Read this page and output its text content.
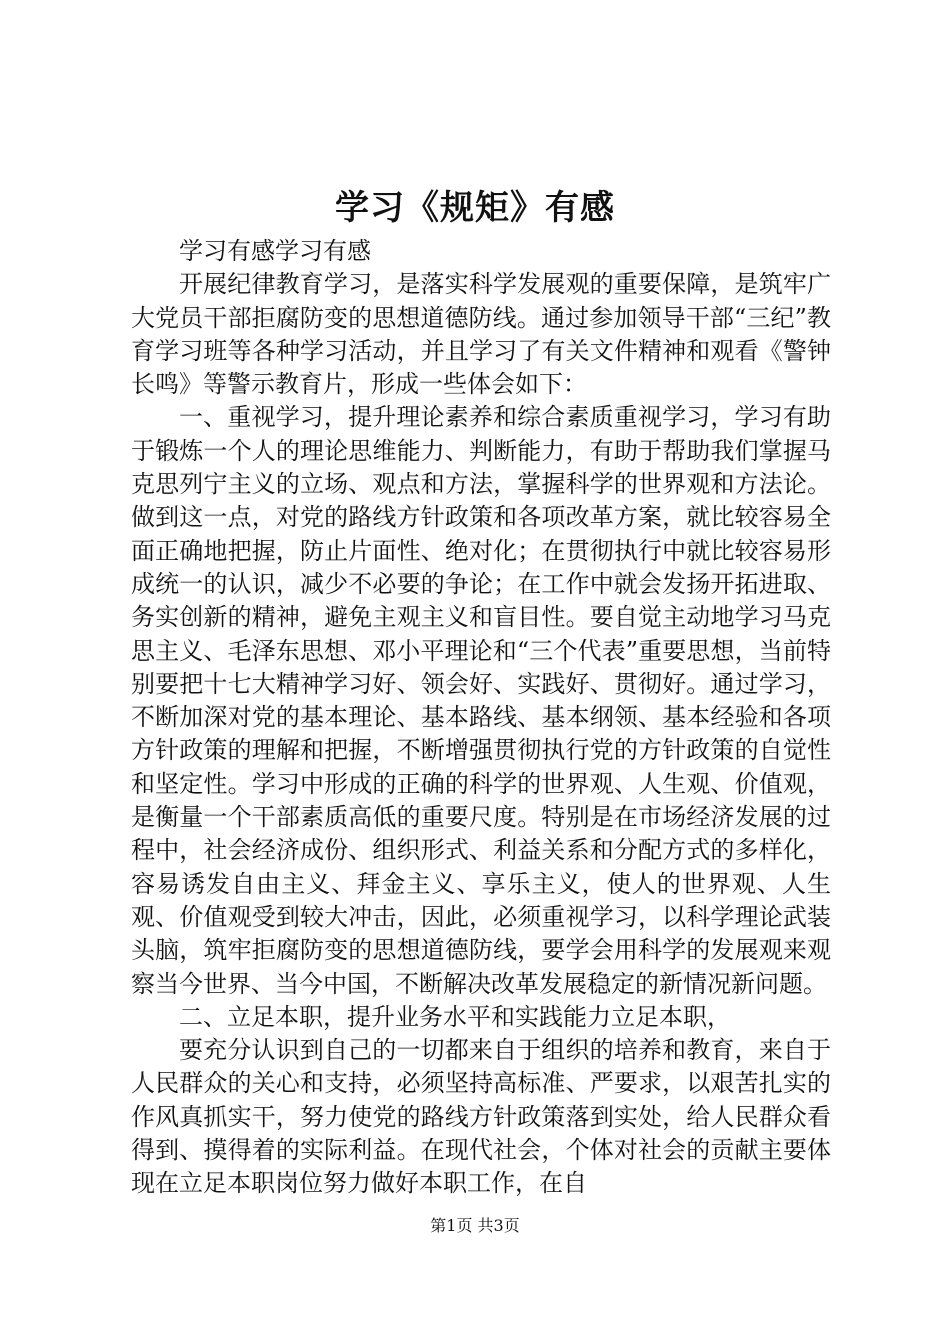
学习《规矩》有感

学习有感学习有感

开展纪律教育学习，是落实科学发展观的重要保障，是筑牢广大党员干部拒腐防变的思想道德防线。通过参加领导干部“三纪”教育学习班等各种学习活动，并且学习了有关文件精神和观看《警钟长鸣》等警示教育片，形成一些体会如下：

一、重视学习，提升理论素养和综合素质重视学习，学习有助于锻炼一个人的理论思维能力、判断能力，有助于帮助我们掌握马克思列宁主义的立场、观点和方法，掌握科学的世界观和方法论。做到这一点，对党的路线方针政策和各项改革方案，就比较容易全面正确地把握，防止片面性、绝对化；在贯彻执行中就比较容易形成统一的认识，减少不必要的争论；在工作中就会发扬开拓进取、务实创新的精神，避免主观主义和盲目性。要自觉主动地学习马克思主义、毛泽东思想、邓小平理论和“三个代表”重要思想，当前特别要把十七大精神学习好、领会好、实践好、贯彻好。通过学习，不断加深对党的基本理论、基本路线、基本纲领、基本经验和各项方针政策的理解和把握，不断增强贯彻执行党的方针政策的自觉性和坚定性。学习中形成的正确的科学的世界观、人生观、价值观，是衡量一个干部素质高低的重要尺度。特别是在市场经济发展的过程中，社会经济成份、组织形式、利益关系和分配方式的多样化，容易诱发自由主义、拜金主义、享乐主义，使人的世界观、人生观、价值观受到较大冲击，因此，必须重视学习，以科学理论武装头脑，筑牢拒腐防变的思想道德防线，要学会用科学的发展观来观察当今世界、当今中国，不断解决改革发展稳定的新情况新问题。

二、立足本职，提升业务水平和实践能力立足本职，

要充分认识到自己的一切都来自于组织的培养和教育，来自于人民群众的关心和支持，必须坚持高标准、严要求，以艰苦扎实的作风真抓实干，努力使党的路线方针政策落到实处，给人民群众看得到、摸得着的实际利益。在现代社会，个体对社会的贡献主要体现在立足本职岗位努力做好本职工作，在自

第1页 共3页
